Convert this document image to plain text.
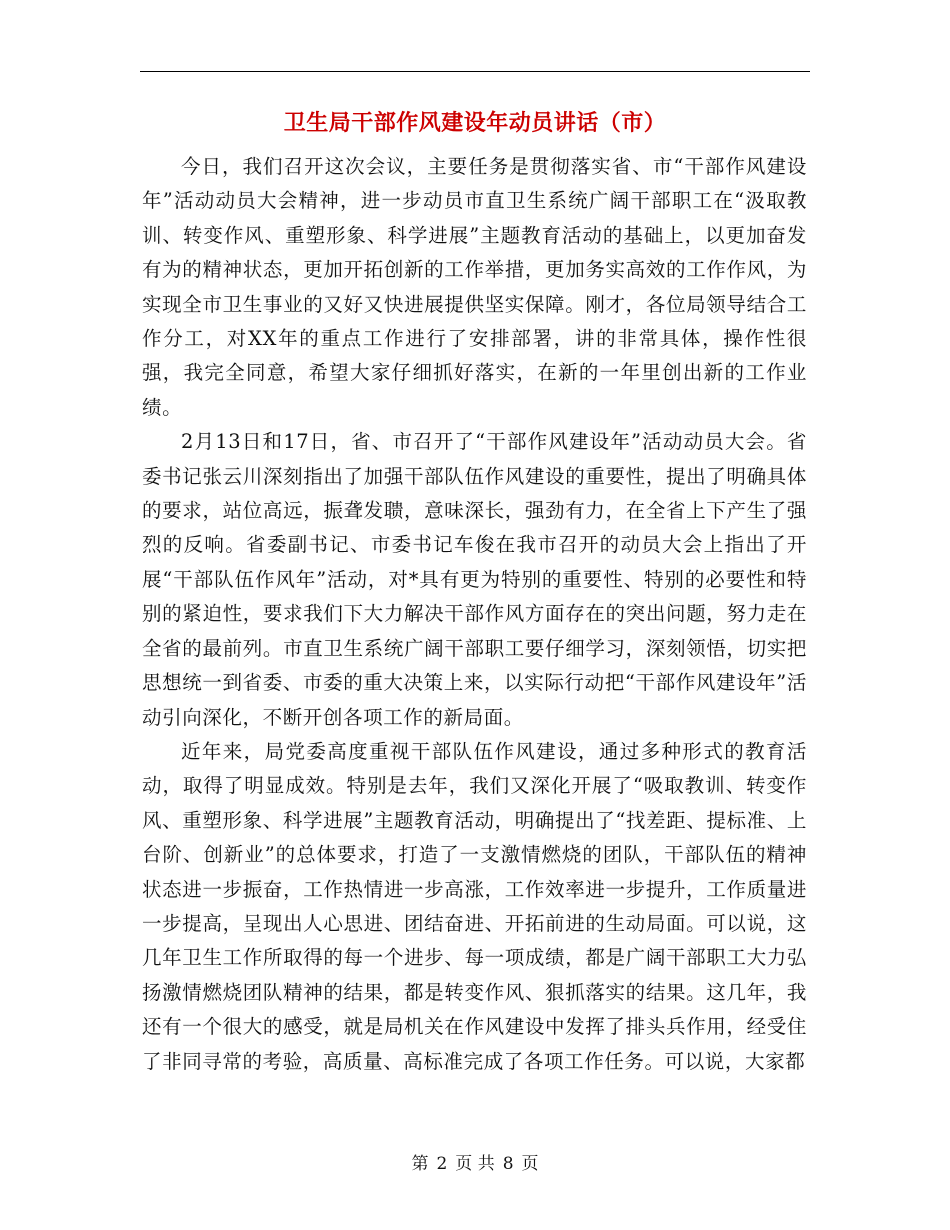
卫生局干部作风建设年动员讲话（市）

今日，我们召开这次会议，主要任务是贯彻落实省、市“干部作风建设年”活动动员大会精神，进一步动员市直卫生系统广阔干部职工在“汲取教训、转变作风、重塑形象、科学进展”主题教育活动的基础上，以更加奋发有为的精神状态，更加开拓创新的工作举措，更加务实高效的工作作风，为实现全市卫生事业的又好又快进展提供坚实保障。刚才，各位局领导结合工作分工，对XX年的重点工作进行了安排部署，讲的非常具体，操作性很强，我完全同意，希望大家仔细抓好落实，在新的一年里创出新的工作业绩。

2月13日和17日，省、市召开了“干部作风建设年”活动动员大会。省委书记张云川深刻指出了加强干部队伍作风建设的重要性，提出了明确具体的要求，站位高远，振聋发聩，意味深长，强劲有力，在全省上下产生了强烈的反响。省委副书记、市委书记车俊在我市召开的动员大会上指出了开展“干部队伍作风年”活动，对*具有更为特别的重要性、特别的必要性和特别的紧迫性，要求我们下大力解决干部作风方面存在的突出问题，努力走在全省的最前列。市直卫生系统广阔干部职工要仔细学习，深刻领悟，切实把思想统一到省委、市委的重大决策上来，以实际行动把“干部作风建设年”活动引向深化，不断开创各项工作的新局面。

近年来，局党委高度重视干部队伍作风建设，通过多种形式的教育活动，取得了明显成效。特别是去年，我们又深化开展了“吸取教训、转变作风、重塑形象、科学进展”主题教育活动，明确提出了“找差距、提标准、上台阶、创新业”的总体要求，打造了一支激情燃烧的团队，干部队伍的精神状态进一步振奋，工作热情进一步高涨，工作效率进一步提升，工作质量进一步提高，呈现出人心思进、团结奋进、开拓前进的生动局面。可以说，这几年卫生工作所取得的每一个进步、每一项成绩，都是广阔干部职工大力弘扬激情燃烧团队精神的结果，都是转变作风、狠抓落实的结果。这几年，我还有一个很大的感受，就是局机关在作风建设中发挥了排头兵作用，经受住了非同寻常的考验，高质量、高标准完成了各项工作任务。可以说，大家都

第 2 页 共 8 页
